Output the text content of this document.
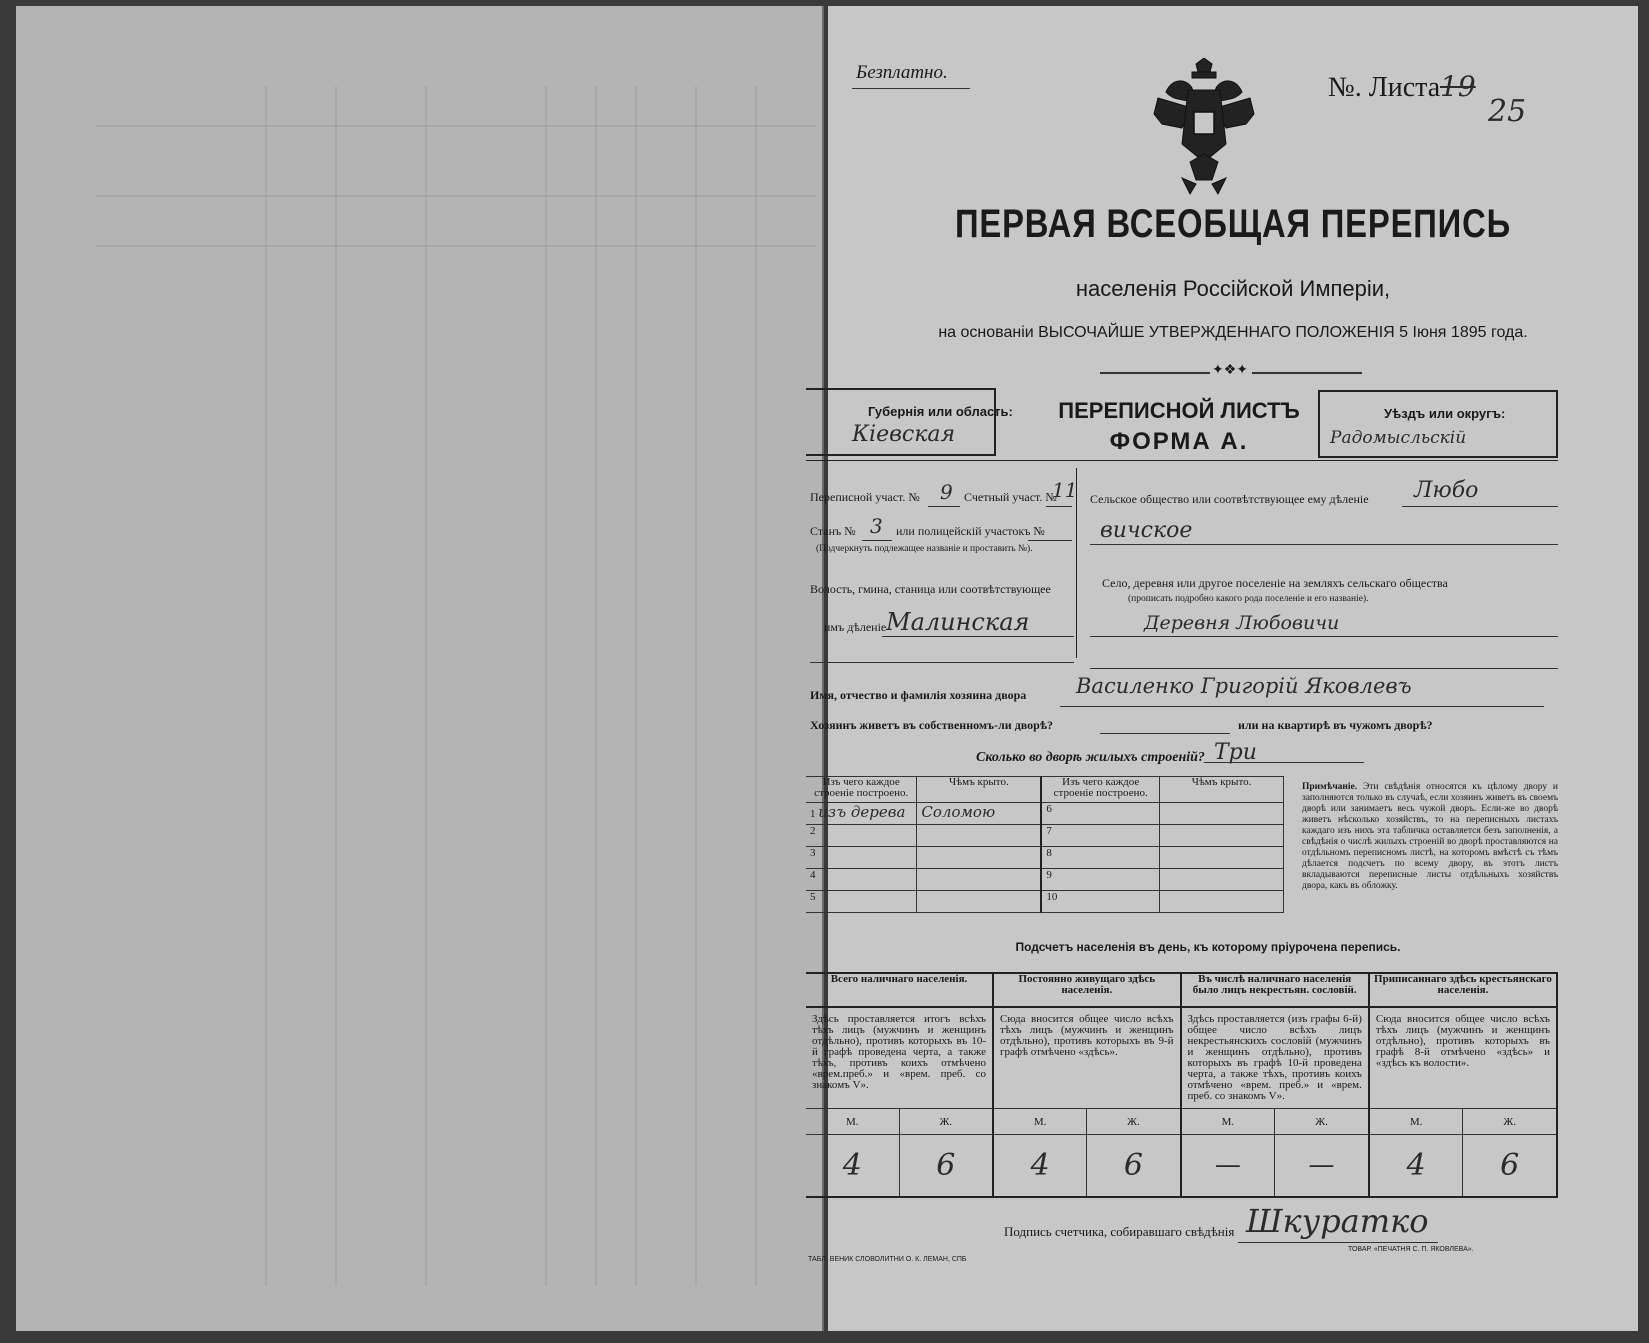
Безплатно.	№. Листа 19
25
ПЕРВАЯ ВСЕОБЩАЯ ПЕРЕПИСЬ
населенія Россійской Имперіи,
на основаніи ВЫСОЧАЙШЕ УТВЕРЖДЕННАГО ПОЛОЖЕНІЯ 5 Іюня 1895 года.
✦❖✦
Губернія или область:
Кіевская
ПЕРЕПИСНОЙ ЛИСТЪ
ФОРМА А.
Уѣздъ или округъ:
Радомысльскій
Переписной участ. № 9 Счетный участ. №
11
Станъ № 3 или полицейскій участокъ №
(Подчеркнуть подлежащее названіе и проставить №).
Волость, гмина, станица или соотвѣтствующее
имъ дѣленіе Малинская
Сельское общество или соотвѣтствующее ему дѣленіе Любо
вичское
Село, деревня или другое поселеніе на земляхъ сельскаго общества
(прописать подробно какого рода поселеніе и его названіе).
Деревня Любовичи
Имя, отчество и фамилія хозяина двора Василенко Григорій Яковлевъ
Хозяинъ живетъ въ собственномъ-ли дворѣ?	или на квартирѣ въ чужомъ дворѣ?
Сколько во дворѣ жилыхъ строеній? Три
Изъ чего каждое строеніе построено.	Чѣмъ крыто.	Изъ чего каждое строеніе построено.	Чѣмъ крыто.
1 изъ дерева	Соломою	6	
2		7	
3		8	
4		9	
5		10	
Примѣчаніе. Эти свѣдѣнія относятся къ цѣлому двору и заполняются только въ случаѣ, если хозяинъ живетъ въ своемъ дворѣ или занимаетъ весь чужой дворъ. Если-же во дворѣ живетъ нѣсколько хозяйствъ, то на переписныхъ листахъ каждаго изъ нихъ эта табличка оставляется безъ заполненія, а свѣдѣнія о числѣ жилыхъ строеній во дворѣ проставляются на отдѣльномъ переписномъ листѣ, на которомъ вмѣстѣ съ тѣмъ дѣлается подсчетъ по всему двору, въ этотъ листъ вкладываются переписные листы отдѣльныхъ хозяйствъ двора, какъ въ обложку.
Подсчетъ населенія въ день, къ которому пріурочена перепись.
Всего наличнаго населенія.		Постоянно живущаго здѣсь населенія.		Въ числѣ наличнаго населенія было лицъ некрестьян. сословій.		Приписаннаго здѣсь крестьянскаго населенія.	
Здѣсь проставляется итогъ всѣхъ тѣхъ лицъ (мужчинъ и женщинъ отдѣльно), противъ которыхъ въ 10-й графѣ проведена черта, а также тѣхъ, противъ коихъ отмѣчено «врем.преб.» и «врем. преб. со знакомъ V».		Сюда вносится общее число всѣхъ тѣхъ лицъ (мужчинъ и женщинъ отдѣльно), противъ которыхъ въ 9-й графѣ отмѣчено «здѣсь».		Здѣсь проставляется (изъ графы 6-й) общее число всѣхъ лицъ некрестьянскихъ сословій (мужчинъ и женщинъ отдѣльно), противъ которыхъ въ графѣ 10-й проведена черта, а также тѣхъ, противъ коихъ отмѣчено «врем. преб.» и «врем. преб. со знакомъ V».		Сюда вносится общее число всѣхъ тѣхъ лицъ (мужчинъ и женщинъ отдѣльно), противъ которыхъ въ графѣ 8-й отмѣчено «здѣсь» и «здѣсь къ волости».	
М.	Ж.	М.	Ж.	М.	Ж.	М.	Ж.
4	6	4	6	—	—	4	6
Подпись счетчика, собиравшаго свѣдѣнія Шкуратко
ТАБЛ. ВЕНИК СЛОВОЛИТНИ О. К. ЛЕМАН, СПБ
ТОВАР. «ПЕЧАТНЯ С. П. ЯКОВЛЕВА».
